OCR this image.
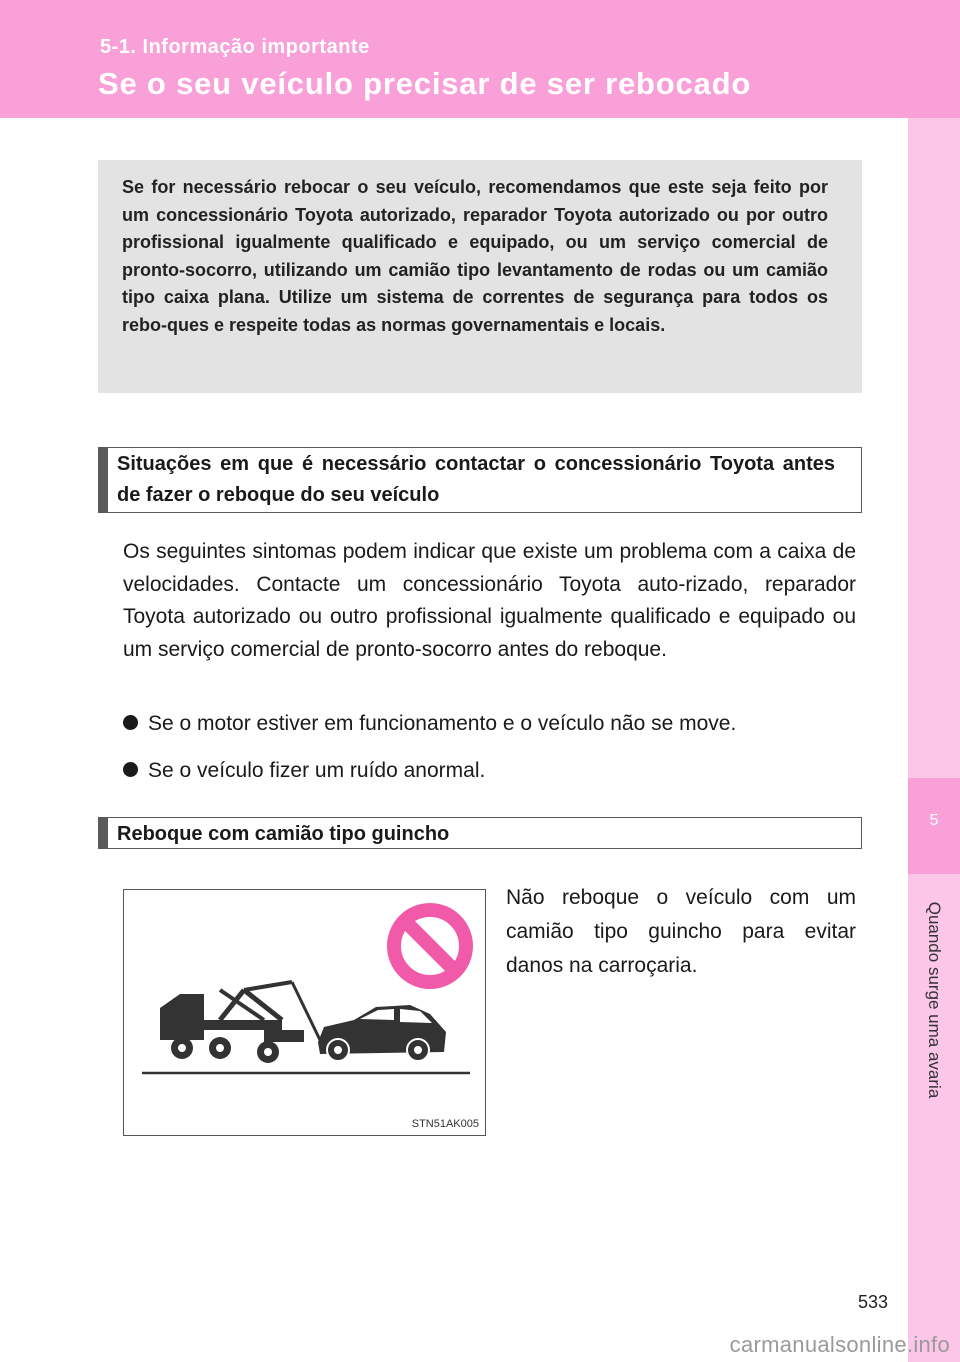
5-1. Informação importante
Se o seu veículo precisar de ser rebocado
5
Quando surge uma avaria

Se for necessário rebocar o seu veículo, recomendamos que este seja feito por um concessionário Toyota autorizado, reparador Toyota autorizado ou por outro profissional igualmente qualificado e equipado, ou um serviço comercial de pronto-socorro, utilizando um camião tipo levantamento de rodas ou um camião tipo caixa plana. Utilize um sistema de correntes de segurança para todos os rebo-ques e respeite todas as normas governamentais e locais.

Situações em que é necessário contactar o concessionário Toyota antes de fazer o reboque do seu veículo

Os seguintes sintomas podem indicar que existe um problema com a caixa de velocidades. Contacte um concessionário Toyota auto-rizado, reparador Toyota autorizado ou outro profissional igualmente qualificado e equipado ou um serviço comercial de pronto-socorro antes do reboque.

Se o motor estiver em funcionamento e o veículo não se move.
Se o veículo fizer um ruído anormal.

Reboque com camião tipo guincho

STN51AK005

Não reboque o veículo com um camião tipo guincho para evitar danos na carroçaria.

533
carmanualsonline.info
